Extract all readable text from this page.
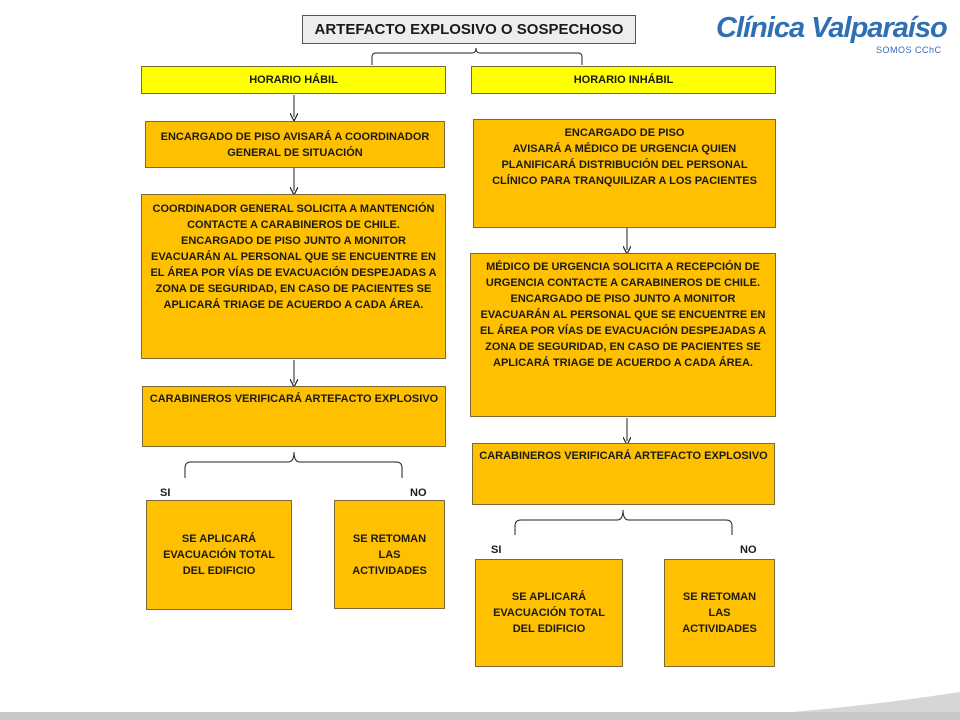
ARTEFACTO EXPLOSIVO O SOSPECHOSO	Clínica Valparaíso
SOMOS CChC
HORARIO HÁBIL
ENCARGADO DE PISO AVISARÁ A COORDINADOR GENERAL DE SITUACIÓN
COORDINADOR GENERAL SOLICITA A MANTENCIÓN CONTACTE A CARABINEROS DE CHILE.
ENCARGADO DE PISO JUNTO A MONITOR EVACUARÁN AL PERSONAL QUE SE ENCUENTRE EN EL ÁREA POR VÍAS DE EVACUACIÓN DESPEJADAS A ZONA DE SEGURIDAD, EN CASO DE PACIENTES SE APLICARÁ TRIAGE DE ACUERDO A CADA ÁREA.
CARABINEROS VERIFICARÁ ARTEFACTO EXPLOSIVO
SI	NO
SE APLICARÁ EVACUACIÓN TOTAL DEL EDIFICIO
SE RETOMAN LAS ACTIVIDADES
HORARIO INHÁBIL
ENCARGADO DE PISO
AVISARÁ A MÉDICO DE URGENCIA QUIEN PLANIFICARÁ DISTRIBUCIÓN DEL PERSONAL CLÍNICO PARA TRANQUILIZAR A LOS PACIENTES
MÉDICO DE URGENCIA SOLICITA A RECEPCIÓN DE URGENCIA CONTACTE A CARABINEROS DE CHILE.
ENCARGADO DE PISO JUNTO A MONITOR EVACUARÁN AL PERSONAL QUE SE ENCUENTRE EN EL ÁREA POR VÍAS DE EVACUACIÓN DESPEJADAS A ZONA DE SEGURIDAD, EN CASO DE PACIENTES SE APLICARÁ TRIAGE DE ACUERDO A CADA ÁREA.
CARABINEROS VERIFICARÁ ARTEFACTO EXPLOSIVO
SI	NO
SE APLICARÁ EVACUACIÓN TOTAL DEL EDIFICIO
SE RETOMAN LAS ACTIVIDADES
